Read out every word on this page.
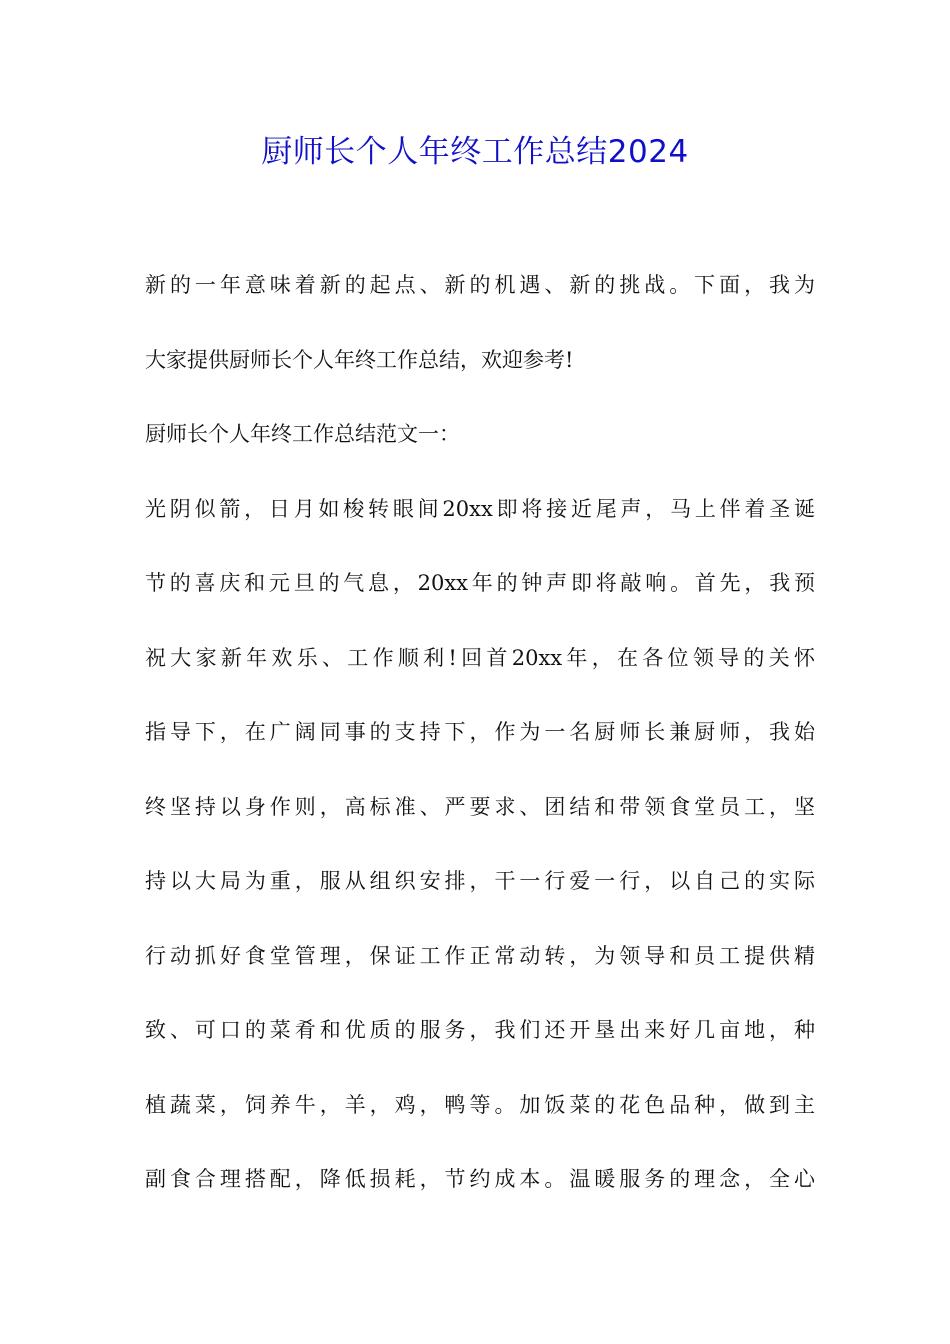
厨师长个人年终工作总结2024
新的一年意味着新的起点、新的机遇、新的挑战。下面，我为
大家提供厨师长个人年终工作总结，欢迎参考!
厨师长个人年终工作总结范文一：
光阴似箭，日月如梭转眼间20xx即将接近尾声，马上伴着圣诞
节的喜庆和元旦的气息，20xx年的钟声即将敲响。首先，我预
祝大家新年欢乐、工作顺利!回首20xx年，在各位领导的关怀
指导下，在广阔同事的支持下，作为一名厨师长兼厨师，我始
终坚持以身作则，高标准、严要求、团结和带领食堂员工，坚
持以大局为重，服从组织安排，干一行爱一行，以自己的实际
行动抓好食堂管理，保证工作正常动转，为领导和员工提供精
致、可口的菜肴和优质的服务，我们还开垦出来好几亩地，种
植蔬菜，饲养牛，羊，鸡，鸭等。加饭菜的花色品种，做到主
副食合理搭配，降低损耗，节约成本。温暖服务的理念，全心
